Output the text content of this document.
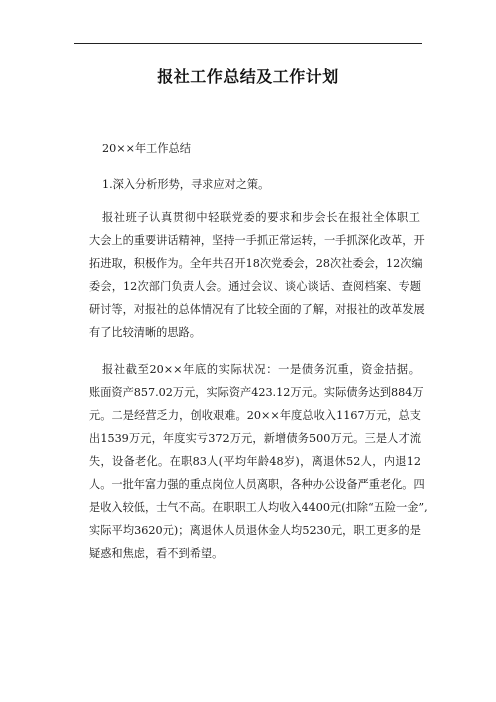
报社工作总结及工作计划
20××年工作总结
1.深入分析形势，寻求应对之策。
报社班子认真贯彻中轻联党委的要求和步会长在报社全体职工
大会上的重要讲话精神，坚持一手抓正常运转，一手抓深化改革，开
拓进取，积极作为。全年共召开18次党委会，28次社委会，12次编
委会，12次部门负责人会。通过会议、谈心谈话、查阅档案、专题
研讨等，对报社的总体情况有了比较全面的了解，对报社的改革发展
有了比较清晰的思路。
报社截至20××年底的实际状况：一是债务沉重，资金拮据。
账面资产857.02万元，实际资产423.12万元。实际债务达到884万
元。二是经营乏力，创收艰难。20××年度总收入1167万元，总支
出1539万元，年度实亏372万元，新增债务500万元。三是人才流
失，设备老化。在职83人(平均年龄48岁)，离退休52人，内退12
人。一批年富力强的重点岗位人员离职，各种办公设备严重老化。四
是收入较低，士气不高。在职职工人均收入4400元(扣除“五险一金”,
实际平均3620元)；离退休人员退休金人均5230元，职工更多的是
疑惑和焦虑，看不到希望。
